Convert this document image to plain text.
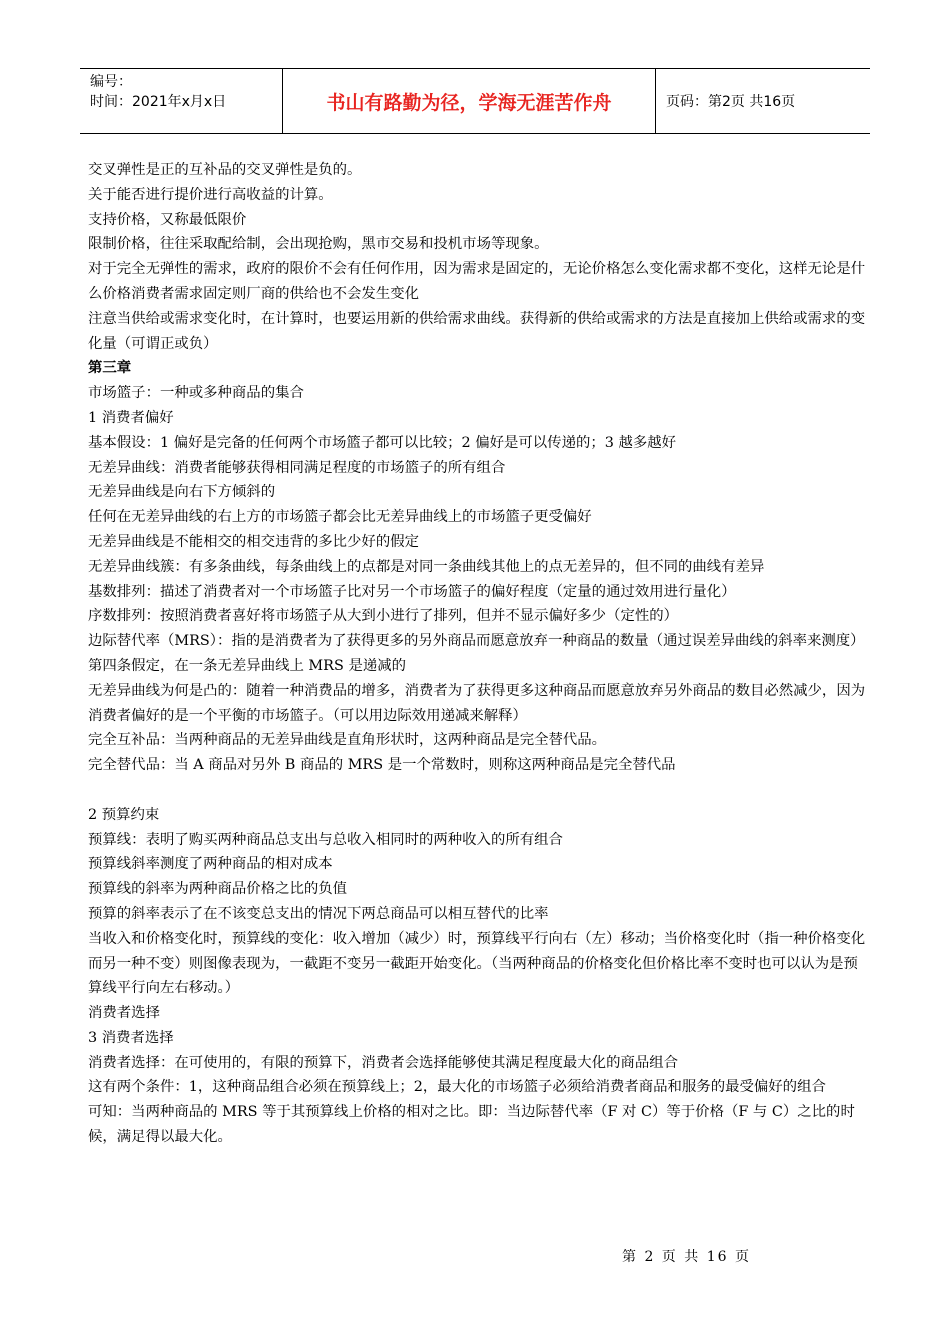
编号：
时间：2021年x月x日	书山有路勤为径，学海无涯苦作舟	页码：第2页 共16页

交叉弹性是正的互补品的交叉弹性是负的。

关于能否进行提价进行高收益的计算。

支持价格，又称最低限价

限制价格，往往采取配给制，会出现抢购，黑市交易和投机市场等现象。

对于完全无弹性的需求，政府的限价不会有任何作用，因为需求是固定的，无论价格怎么变化需求都不变化，这样无论是什么价格消费者需求固定则厂商的供给也不会发生变化

注意当供给或需求变化时，在计算时，也要运用新的供给需求曲线。获得新的供给或需求的方法是直接加上供给或需求的变化量（可谓正或负）

第三章

市场篮子：一种或多种商品的集合

1 消费者偏好

基本假设：1 偏好是完备的任何两个市场篮子都可以比较；2 偏好是可以传递的；3 越多越好

无差异曲线：消费者能够获得相同满足程度的市场篮子的所有组合

无差异曲线是向右下方倾斜的

任何在无差异曲线的右上方的市场篮子都会比无差异曲线上的市场篮子更受偏好

无差异曲线是不能相交的相交违背的多比少好的假定

无差异曲线簇：有多条曲线，每条曲线上的点都是对同一条曲线其他上的点无差异的，但不同的曲线有差异

基数排列：描述了消费者对一个市场篮子比对另一个市场篮子的偏好程度（定量的通过效用进行量化）

序数排列：按照消费者喜好将市场篮子从大到小进行了排列，但并不显示偏好多少（定性的）

边际替代率（MRS）：指的是消费者为了获得更多的另外商品而愿意放弃一种商品的数量（通过误差异曲线的斜率来测度）

第四条假定，在一条无差异曲线上 MRS 是递减的

无差异曲线为何是凸的：随着一种消费品的增多，消费者为了获得更多这种商品而愿意放弃另外商品的数目必然减少，因为消费者偏好的是一个平衡的市场篮子。（可以用边际效用递减来解释）

完全互补品：当两种商品的无差异曲线是直角形状时，这两种商品是完全替代品。

完全替代品：当 A 商品对另外 B 商品的 MRS 是一个常数时，则称这两种商品是完全替代品

2 预算约束

预算线：表明了购买两种商品总支出与总收入相同时的两种收入的所有组合

预算线斜率测度了两种商品的相对成本

预算线的斜率为两种商品价格之比的负值

预算的斜率表示了在不该变总支出的情况下两总商品可以相互替代的比率

当收入和价格变化时，预算线的变化：收入增加（减少）时，预算线平行向右（左）移动；当价格变化时（指一种价格变化而另一种不变）则图像表现为，一截距不变另一截距开始变化。（当两种商品的价格变化但价格比率不变时也可以认为是预算线平行向左右移动。）

消费者选择

3 消费者选择

消费者选择：在可使用的，有限的预算下，消费者会选择能够使其满足程度最大化的商品组合

这有两个条件：1，这种商品组合必须在预算线上；2，最大化的市场篮子必须给消费者商品和服务的最受偏好的组合

可知：当两种商品的 MRS 等于其预算线上价格的相对之比。即：当边际替代率（F 对 C）等于价格（F 与 C）之比的时候，满足得以最大化。

第 2 页 共 16 页
